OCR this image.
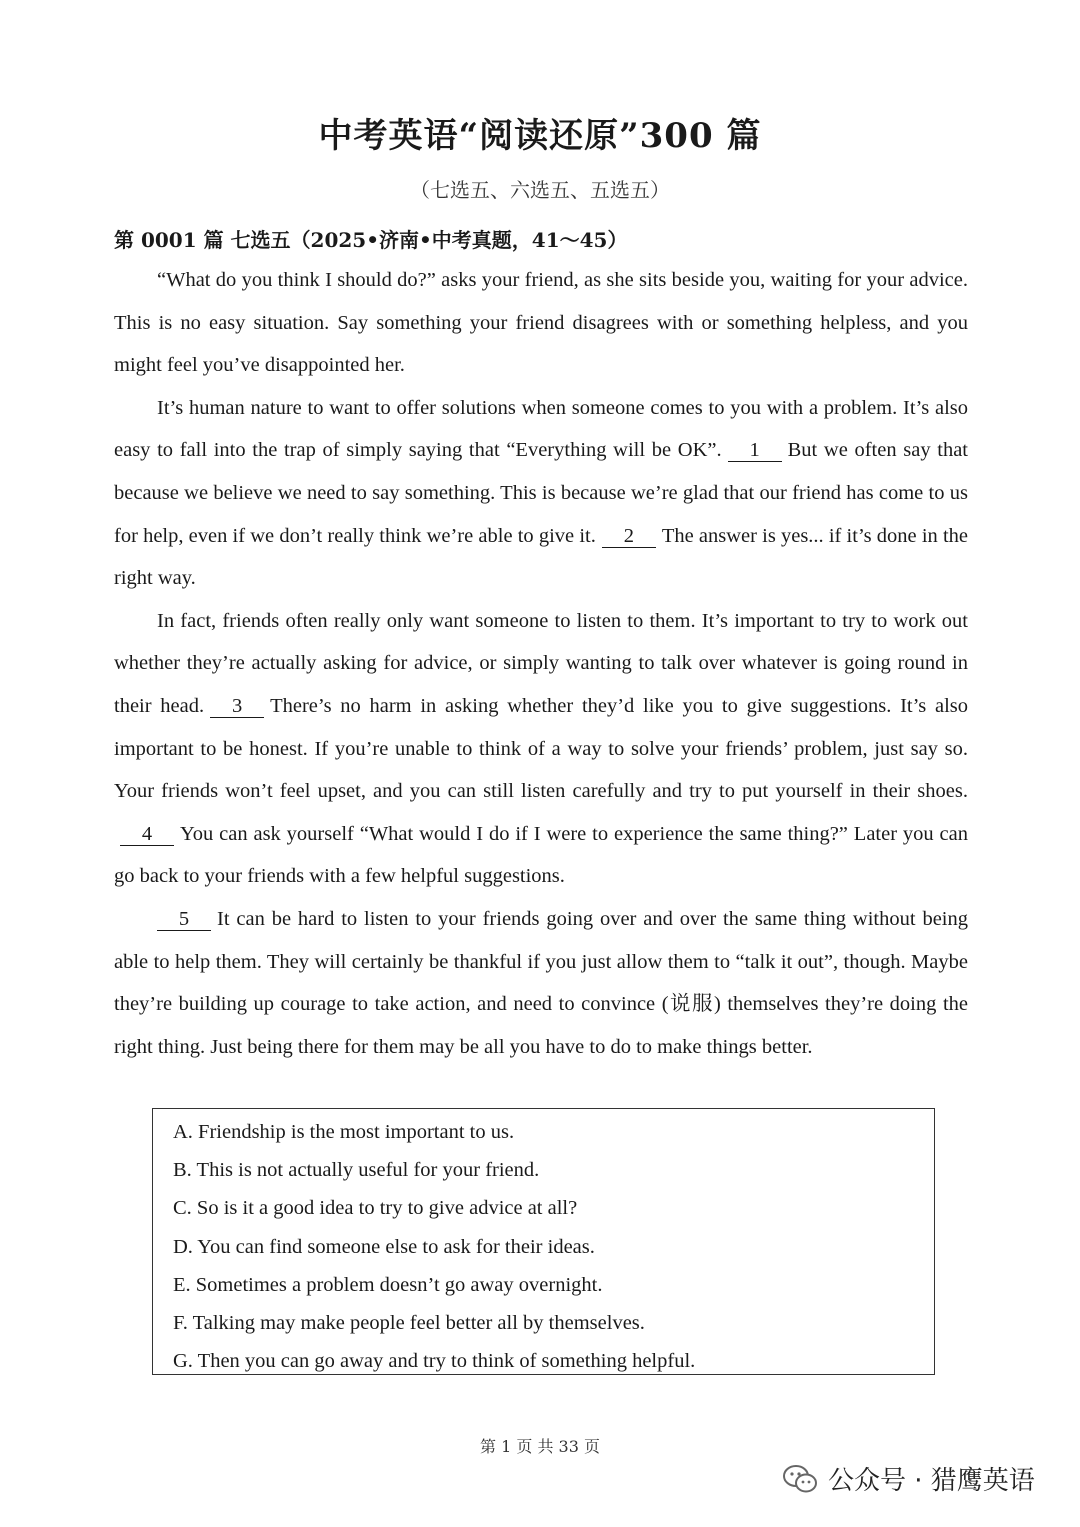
中考英语“阅读还原”300 篇
（七选五、六选五、五选五）
第 0001 篇 七选五（2025•济南•中考真题，41～45）

“What do you think I should do?” asks your friend, as she sits beside you, waiting for your advice. This is no easy situation. Say something your friend disagrees with or something helpless, and you might feel you’ve disappointed her.

It’s human nature to want to offer solutions when someone comes to you with a problem. It’s also easy to fall into the trap of simply saying that “Everything will be OK”. 1 But we often say that because we believe we need to say something. This is because we’re glad that our friend has come to us for help, even if we don’t really think we’re able to give it. 2 The answer is yes... if it’s done in the right way.

In fact, friends often really only want someone to listen to them. It’s important to try to work out whether they’re actually asking for advice, or simply wanting to talk over whatever is going round in their head. 3 There’s no harm in asking whether they’d like you to give suggestions. It’s also important to be honest. If you’re unable to think of a way to solve your friends’ problem, just say so. Your friends won’t feel upset, and you can still listen carefully and try to put yourself in their shoes.4 You can ask yourself “What would I do if I were to experience the same thing?” Later you can go back to your friends with a few helpful suggestions.

5 It can be hard to listen to your friends going over and over the same thing without being able to help them. They will certainly be thankful if you just allow them to “talk it out”, though. Maybe they’re building up courage to take action, and need to convince (说服) themselves they’re doing the right thing. Just being there for them may be all you have to do to make things better.

A. Friendship is the most important to us.
B. This is not actually useful for your friend.
C. So is it a good idea to try to give advice at all?
D. You can find someone else to ask for their ideas.
E. Sometimes a problem doesn’t go away overnight.
F. Talking may make people feel better all by themselves.
G. Then you can go away and try to think of something helpful.
第 1 页 共 33 页
公众号 · 猎鹰英语
